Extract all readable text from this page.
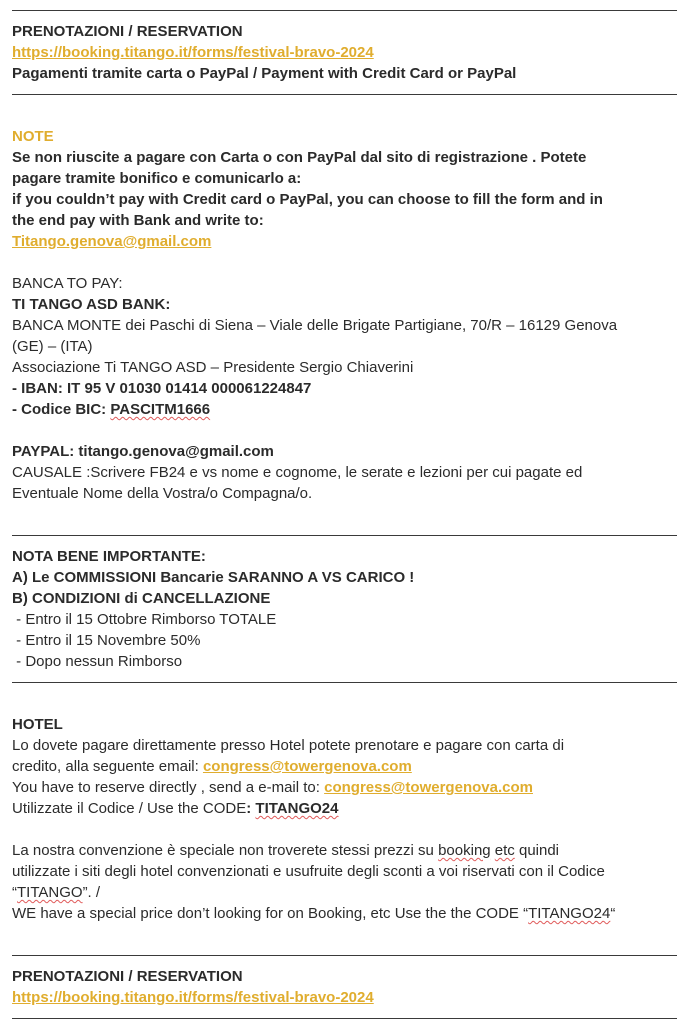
PRENOTAZIONI / RESERVATION
https://booking.titango.it/forms/festival-bravo-2024
Pagamenti tramite carta o PayPal / Payment with Credit Card or PayPal
NOTE
Se non riuscite a pagare con Carta o con PayPal dal sito di registrazione . Potete
pagare tramite bonifico e comunicarlo a:
if you couldn’t pay with Credit card o PayPal, you can choose to fill the form and in
the end pay with Bank and write to:
Titango.genova@gmail.com
BANCA TO PAY:
TI TANGO ASD BANK:
BANCA MONTE dei Paschi di Siena – Viale delle Brigate Partigiane, 70/R – 16129 Genova
(GE) – (ITA)
Associazione Ti TANGO ASD – Presidente Sergio Chiaverini
- IBAN: IT 95 V 01030 01414 000061224847
- Codice BIC: PASCITM1666
PAYPAL: titango.genova@gmail.com
CAUSALE :Scrivere FB24 e vs nome e cognome, le serate e lezioni per cui pagate ed
Eventuale Nome della Vostra/o Compagna/o.
NOTA BENE IMPORTANTE:
A) Le COMMISSIONI Bancarie SARANNO A VS CARICO !
B) CONDIZIONI di CANCELLAZIONE
- Entro il 15 Ottobre Rimborso TOTALE
- Entro il 15 Novembre 50%
- Dopo nessun Rimborso
HOTEL
Lo dovete pagare direttamente presso Hotel potete prenotare e pagare con carta di
credito, alla seguente email: congress@towergenova.com
You have to reserve directly , send a e-mail to: congress@towergenova.com
Utilizzate il Codice / Use the CODE: TITANGO24
La nostra convenzione è speciale non troverete stessi prezzi su booking etc quindi
utilizzate i siti degli hotel convenzionati e usufruite degli sconti a voi riservati con il Codice
“TITANGO”. /
WE have a special price don’t looking for on Booking, etc Use the the CODE “TITANGO24“
PRENOTAZIONI / RESERVATION
https://booking.titango.it/forms/festival-bravo-2024
